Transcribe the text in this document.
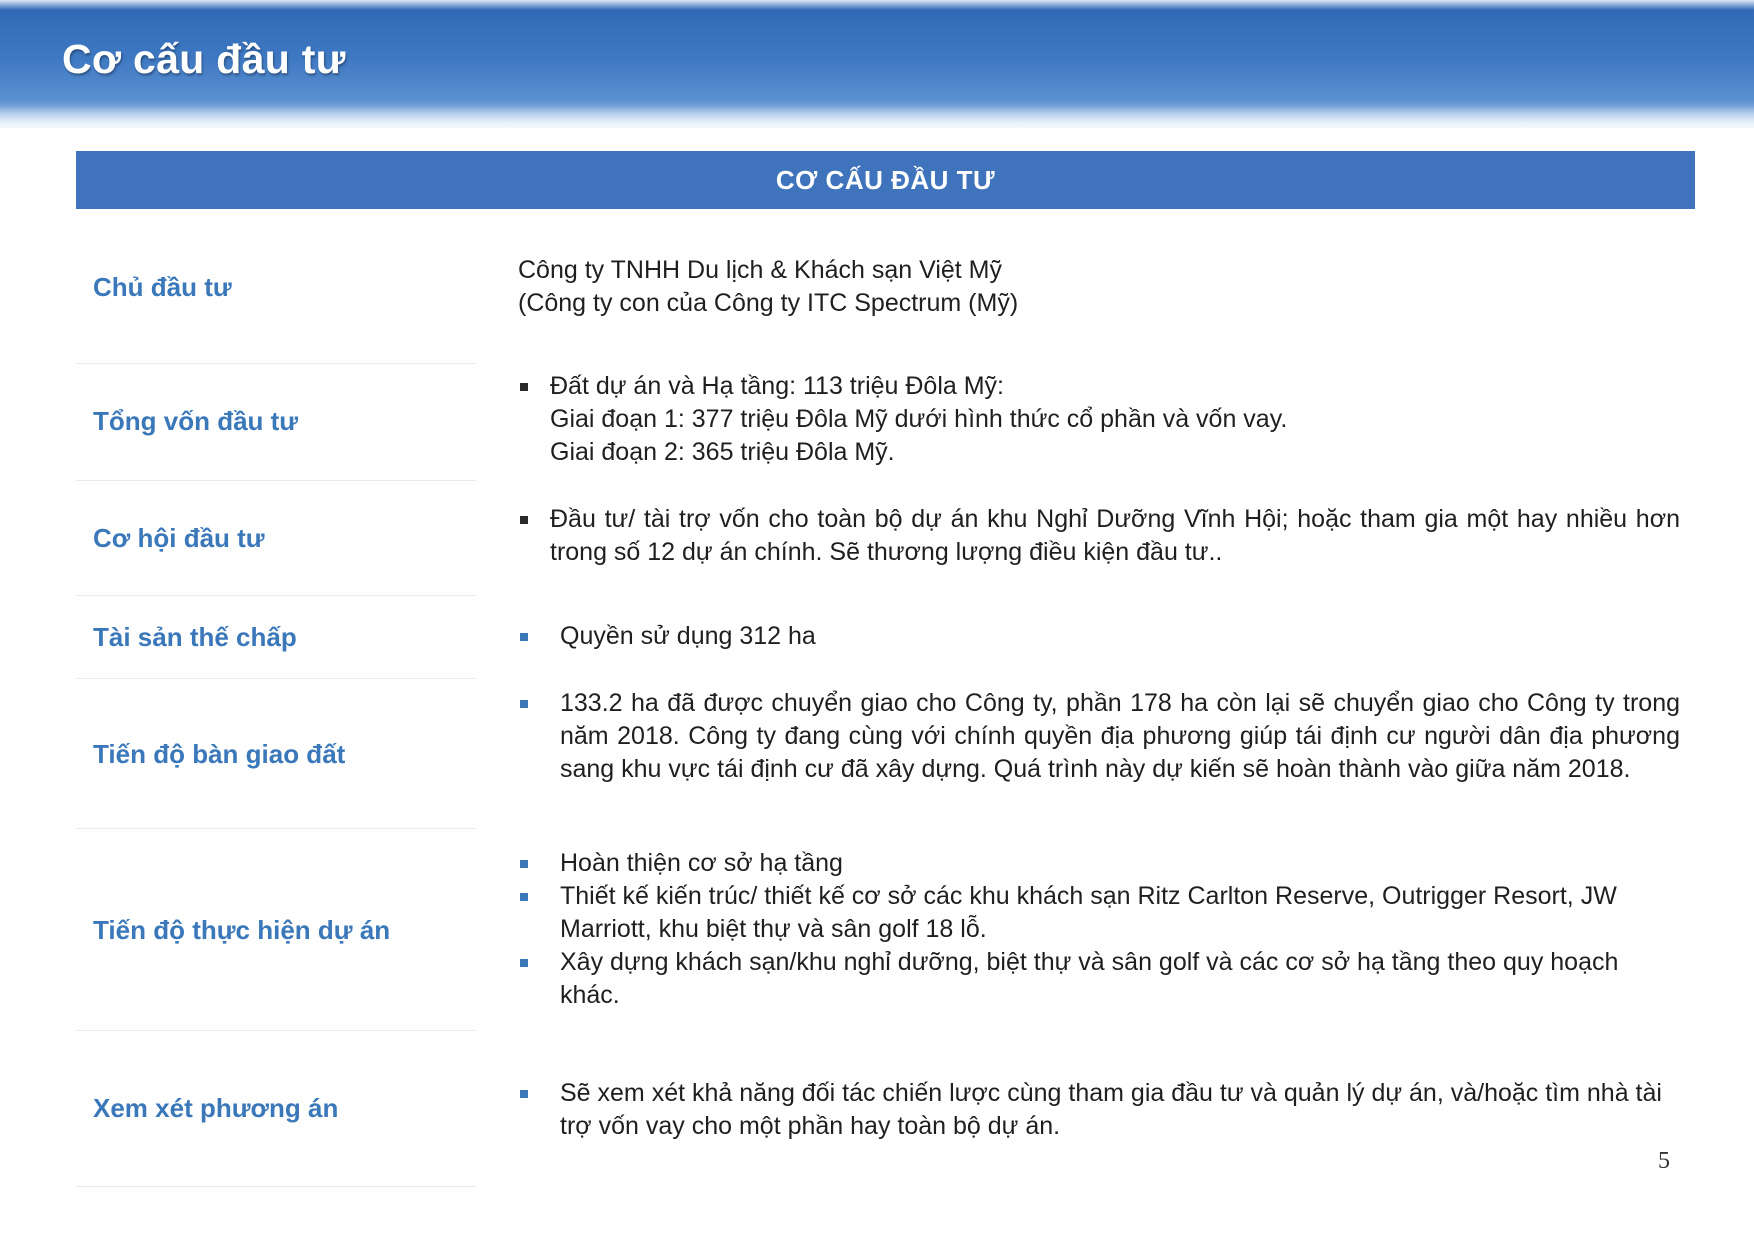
Cơ cấu đầu tư
CƠ CẤU ĐẦU TƯ
Chủ đầu tư
Công ty TNHH Du lịch & Khách sạn Việt Mỹ
(Công ty con của Công ty ITC Spectrum (Mỹ)
Tổng vốn đầu tư
Đất dự án và Hạ tầng: 113 triệu Đôla Mỹ:
Giai đoạn 1: 377 triệu Đôla Mỹ dưới hình thức cổ phần và vốn vay.
Giai đoạn 2: 365 triệu Đôla Mỹ.
Cơ hội đầu tư
Đầu tư/ tài trợ vốn cho toàn bộ dự án khu Nghỉ Dưỡng Vĩnh Hội; hoặc tham gia một hay nhiều hơn trong số 12 dự án chính. Sẽ thương lượng điều kiện đầu tư..
Tài sản thế chấp	Quyền sử dụng 312 ha
Tiến độ bàn giao đất
133.2 ha đã được chuyển giao cho Công ty, phần 178 ha còn lại sẽ chuyển giao cho Công ty trong năm 2018. Công ty đang cùng với chính quyền địa phương giúp tái định cư người dân địa phương sang khu vực tái định cư đã xây dựng. Quá trình này dự kiến sẽ hoàn thành vào giữa năm 2018.
Tiến độ thực hiện dự án
Hoàn thiện cơ sở hạ tầng
Thiết kế kiến trúc/ thiết kế cơ sở các khu khách sạn Ritz Carlton Reserve, Outrigger Resort, JW Marriott, khu biệt thự và sân golf 18 lỗ.
Xây dựng khách sạn/khu nghỉ dưỡng, biệt thự và sân golf và các cơ sở hạ tầng theo quy hoạch khác.
Xem xét phương án	Sẽ xem xét khả năng đối tác chiến lược cùng tham gia đầu tư và quản lý dự án, và/hoặc tìm nhà tài trợ vốn vay cho một phần hay toàn bộ dự án.
5
